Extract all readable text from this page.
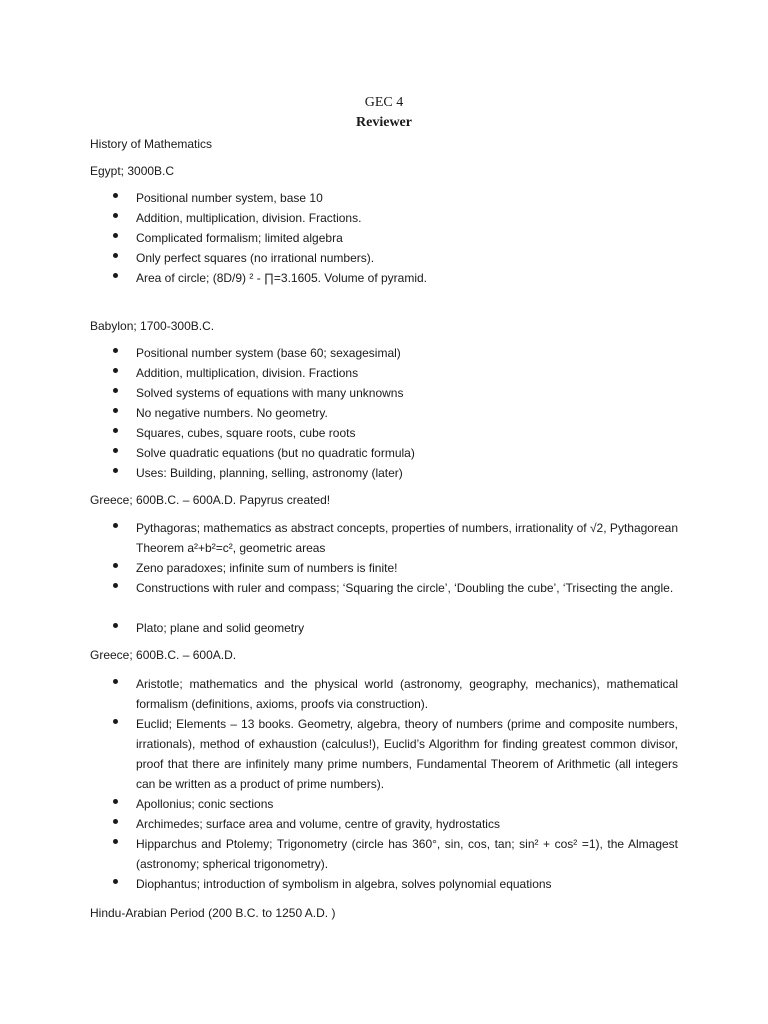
GEC 4
Reviewer
History of Mathematics
Egypt; 3000B.C
Positional number system, base 10
Addition, multiplication, division. Fractions.
Complicated formalism; limited algebra
Only perfect squares (no irrational numbers).
Area of circle; (8D/9) ² - ∏=3.1605. Volume of pyramid.
Babylon; 1700-300B.C.
Positional number system (base 60; sexagesimal)
Addition, multiplication, division. Fractions
Solved systems of equations with many unknowns
No negative numbers. No geometry.
Squares, cubes, square roots, cube roots
Solve quadratic equations (but no quadratic formula)
Uses: Building, planning, selling, astronomy (later)
Greece; 600B.C. – 600A.D. Papyrus created!
Pythagoras; mathematics as abstract concepts, properties of numbers, irrationality of √2, Pythagorean Theorem a²+b²=c², geometric areas
Zeno paradoxes; infinite sum of numbers is finite!
Constructions with ruler and compass; ‘Squaring the circle’, ‘Doubling the cube’, ‘Trisecting the angle.
Plato; plane and solid geometry
Greece; 600B.C. – 600A.D.
Aristotle; mathematics and the physical world (astronomy, geography, mechanics), mathematical formalism (definitions, axioms, proofs via construction).
Euclid; Elements – 13 books. Geometry, algebra, theory of numbers (prime and composite numbers, irrationals), method of exhaustion (calculus!), Euclid’s Algorithm for finding greatest common divisor, proof that there are infinitely many prime numbers, Fundamental Theorem of Arithmetic (all integers can be written as a product of prime numbers).
Apollonius; conic sections
Archimedes; surface area and volume, centre of gravity, hydrostatics
Hipparchus and Ptolemy; Trigonometry (circle has 360°, sin, cos, tan; sin² + cos² =1), the Almagest (astronomy; spherical trigonometry).
Diophantus; introduction of symbolism in algebra, solves polynomial equations
Hindu-Arabian Period (200 B.C. to 1250 A.D. )
